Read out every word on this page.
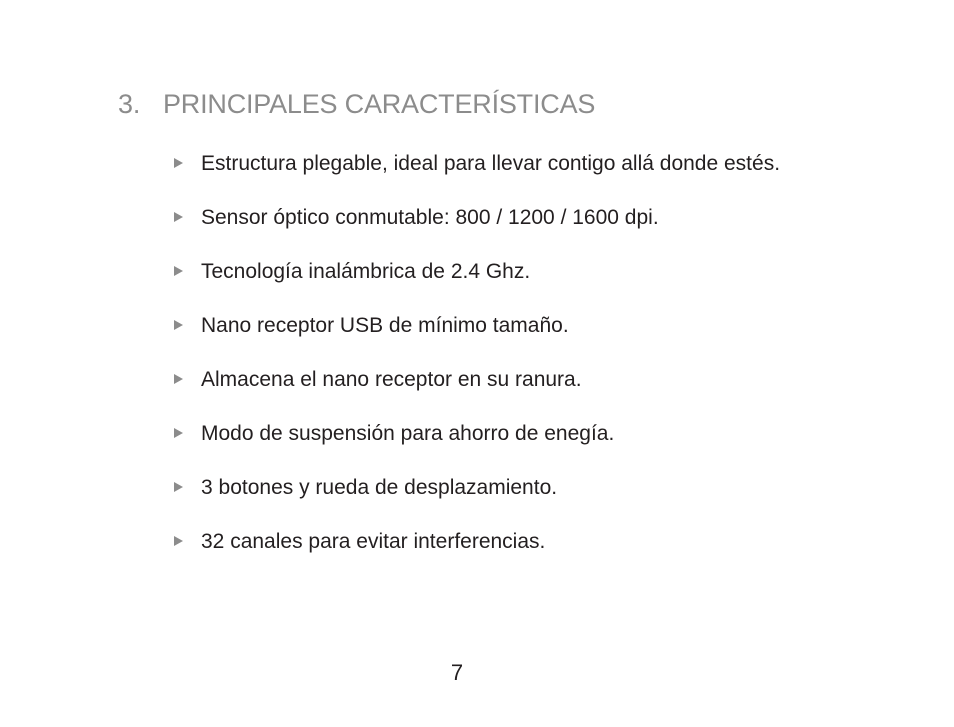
3. PRINCIPALES CARACTERÍSTICAS
Estructura plegable, ideal para llevar contigo allá donde estés.
Sensor óptico conmutable: 800 / 1200 / 1600 dpi.
Tecnología inalámbrica de 2.4 Ghz.
Nano receptor USB de mínimo tamaño.
Almacena el nano receptor en su ranura.
Modo de suspensión para ahorro de enegía.
3 botones y rueda de desplazamiento.
32 canales para evitar interferencias.
7
